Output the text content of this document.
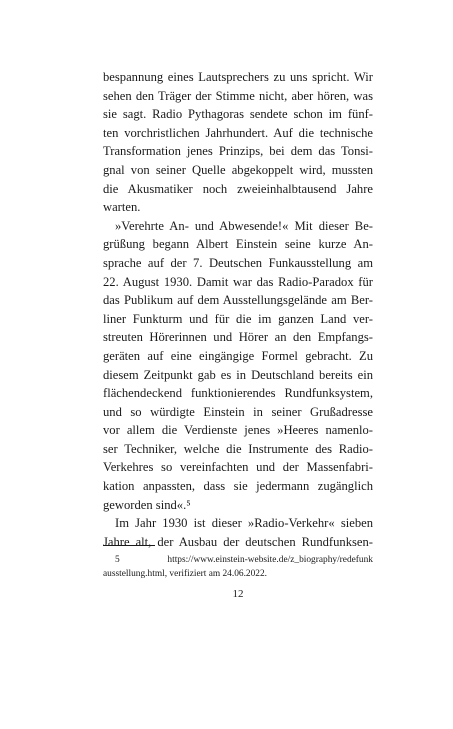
bespannung eines Lautsprechers zu uns spricht. Wir
sehen den Träger der Stimme nicht, aber hören, was
sie sagt. Radio Pythagoras sendete schon im fünf-
ten vorchristlichen Jahrhundert. Auf die technische
Transformation jenes Prinzips, bei dem das Tonsi-
gnal von seiner Quelle abgekoppelt wird, mussten
die Akusmatiker noch zweieinhalbtausend Jahre
warten.
»Verehrte An- und Abwesende!« Mit dieser Be-
grüßung begann Albert Einstein seine kurze An-
sprache auf der 7. Deutschen Funkausstellung am
22. August 1930. Damit war das Radio-Paradox für
das Publikum auf dem Ausstellungsgelände am Ber-
liner Funkturm und für die im ganzen Land ver-
streuten Hörerinnen und Hörer an den Empfangs-
geräten auf eine eingängige Formel gebracht. Zu
diesem Zeitpunkt gab es in Deutschland bereits ein
flächendeckend funktionierendes Rundfunksystem,
und so würdigte Einstein in seiner Grußadresse
vor allem die Verdienste jenes »Heeres namenlo-
ser Techniker, welche die Instrumente des Radio-
Verkehres so vereinfachten und der Massenfabri-
kation anpassten, dass sie jedermann zugänglich
geworden sind«.⁵
Im Jahr 1930 ist dieser »Radio-Verkehr« sieben
Jahre alt, der Ausbau der deutschen Rundfunksen-
5	https://www.einstein-website.de/z_biography/redefunk
ausstellung.html, verifiziert am 24.06.2022.
12
